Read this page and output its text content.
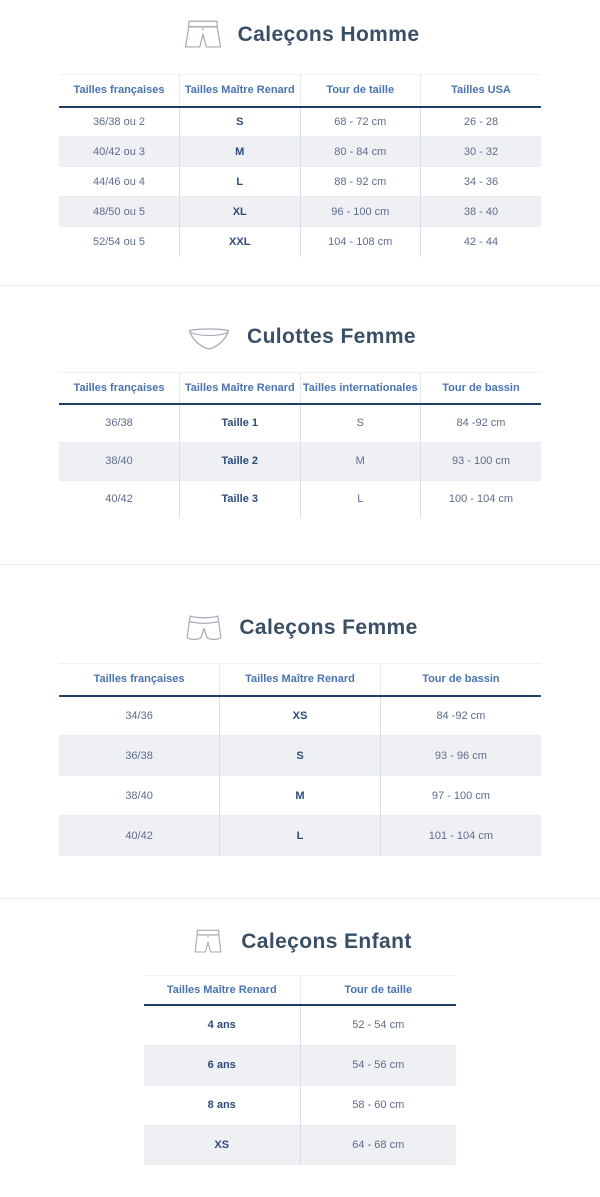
Caleçons Homme
Tailles françaises	Tailles Maître Renard	Tour de taille	Tailles USA
36/38 ou 2	S	68 - 72 cm	26 - 28
40/42 ou 3	M	80 - 84 cm	30 - 32
44/46 ou 4	L	88 - 92 cm	34 - 36
48/50 ou 5	XL	96 - 100 cm	38 - 40
52/54 ou 5	XXL	104 - 108 cm	42 - 44
Culottes Femme
Tailles françaises	Tailles Maître Renard	Tailles internationales	Tour de bassin
36/38	Taille 1	S	84 -92 cm
38/40	Taille 2	M	93 - 100 cm
40/42	Taille 3	L	100 - 104 cm
Caleçons Femme
Tailles françaises	Tailles Maître Renard	Tour de bassin
34/36	XS	84 -92 cm
36/38	S	93 - 96 cm
38/40	M	97 - 100 cm
40/42	L	101 - 104 cm
Caleçons Enfant
Tailles Maître Renard	Tour de taille
4 ans	52 - 54 cm
6 ans	54 - 56 cm
8 ans	58 - 60 cm
XS	64 - 68 cm
